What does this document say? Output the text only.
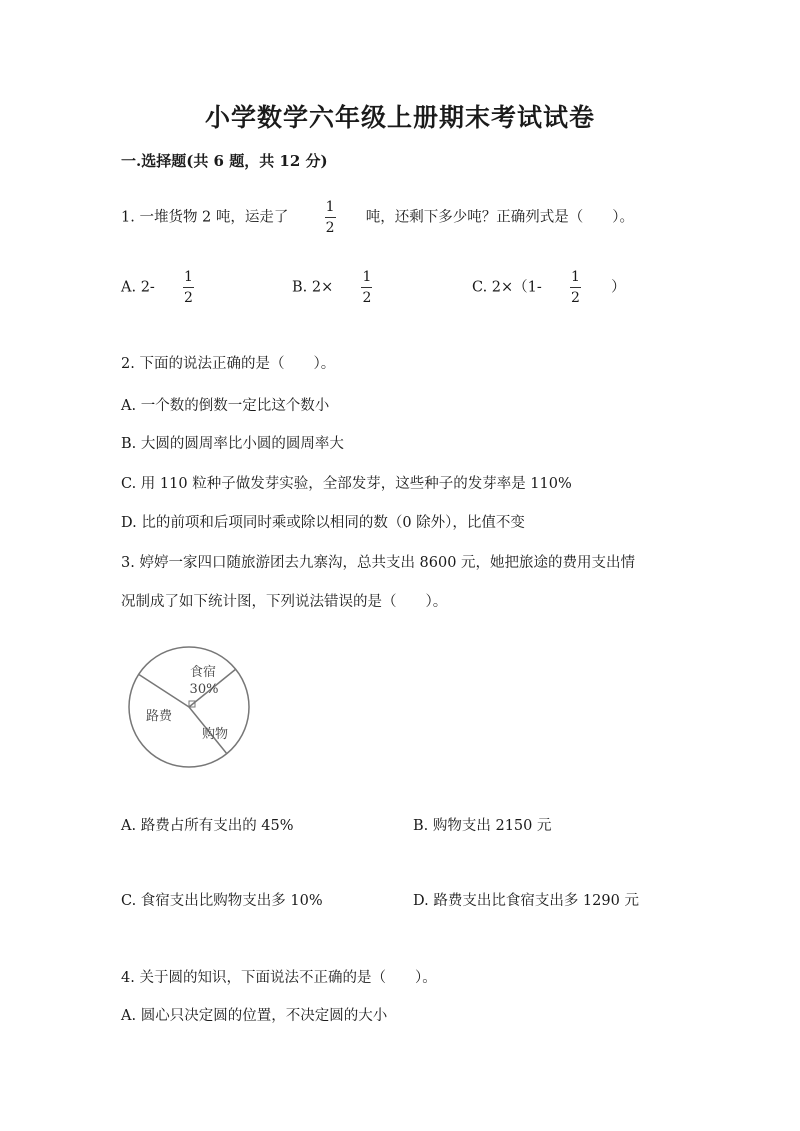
小学数学六年级上册期末考试试卷
一.选择题(共 6 题，共 12 分)
1. 一堆货物 2 吨，运走了	$\frac{1}{2}$ 吨，还剩下多少吨？正确列式是（　　）。
A. $2- \frac{1}{2}$	B. $2\times \frac{1}{2}$	C. $2\times(1- \frac{1}{2}$ ）
2. 下面的说法正确的是（　　）。
A. 一个数的倒数一定比这个数小
B. 大圆的圆周率比小圆的圆周率大
C. 用 110 粒种子做发芽实验，全部发芽，这些种子的发芽率是 110%
D. 比的前项和后项同时乘或除以相同的数（0 除外），比值不变
3. 婷婷一家四口随旅游团去九寨沟，总共支出 8600 元，她把旅途的费用支出情
况制成了如下统计图，下列说法错误的是（　　）。
食宿
30%
购物
路费
A. 路费占所有支出的 45%	B. 购物支出 2150 元
C. 食宿支出比购物支出多 10%	D. 路费支出比食宿支出多 1290 元
4. 关于圆的知识，下面说法不正确的是（　　）。
A. 圆心只决定圆的位置，不决定圆的大小
